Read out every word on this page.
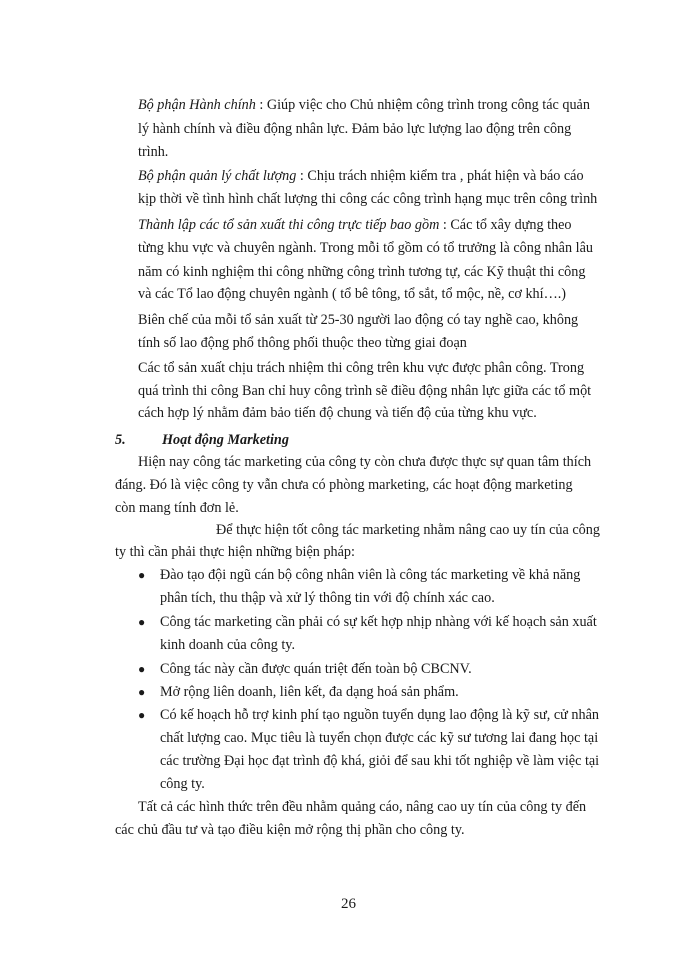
Bộ phận Hành chính : Giúp việc cho Chủ nhiệm công trình trong công tác quản
lý hành chính và điều động nhân lực. Đảm bảo lực lượng lao động trên công
trình.
Bộ phận quản lý chất lượng : Chịu trách nhiệm kiểm tra , phát hiện và báo cáo
kịp thời về tình hình chất lượng thi công các công trình hạng mục trên công trình
Thành lập các tổ sản xuất thi công trực tiếp bao gồm : Các tổ xây dựng theo
từng khu vực và chuyên ngành. Trong mỗi tổ gồm có tổ trưởng là công nhân lâu
năm có kinh nghiệm thi công những công trình tương tự, các Kỹ thuật thi công
và các Tổ lao động chuyên ngành ( tổ bê tông, tổ sắt, tổ mộc, nề, cơ khí….)
Biên chế của mỗi tổ sản xuất từ 25-30 người lao động có tay nghề cao, không
tính số lao động phổ thông phối thuộc theo từng giai đoạn
Các tổ sản xuất chịu trách nhiệm thi công trên khu vực được phân công. Trong
quá trình thi công Ban chỉ huy công trình sẽ điều động nhân lực giữa các tổ một
cách hợp lý nhằm đảm bảo tiến độ chung và tiến độ của từng khu vực.
5.	Hoạt động Marketing
Hiện nay công tác marketing của công ty còn chưa được thực sự quan tâm thích
đáng. Đó là việc công ty vẫn chưa có phòng marketing, các hoạt động marketing
còn mang tính đơn lẻ.
Để thực hiện tốt công tác marketing nhằm nâng cao uy tín của công
ty thì cần phải thực hiện những biện pháp:
● Đào tạo đội ngũ cán bộ công nhân viên là công tác marketing về khả năng
phân tích, thu thập và xử lý thông tin với độ chính xác cao.
● Công tác marketing cần phải có sự kết hợp nhịp nhàng với kế hoạch sản xuất
kinh doanh của công ty.
● Công tác này cần được quán triệt đến toàn bộ CBCNV.
● Mở rộng liên doanh, liên kết, đa dạng hoá sản phẩm.
● Có kế hoạch hỗ trợ kinh phí tạo nguồn tuyển dụng lao động là kỹ sư, cử nhân
chất lượng cao. Mục tiêu là tuyển chọn được các kỹ sư tương lai đang học tại
các trường Đại học đạt trình độ khá, giỏi để sau khi tốt nghiệp về làm việc tại
công ty.
Tất cả các hình thức trên đều nhằm quảng cáo, nâng cao uy tín của công ty đến
các chủ đầu tư và tạo điều kiện mở rộng thị phần cho công ty.
26
